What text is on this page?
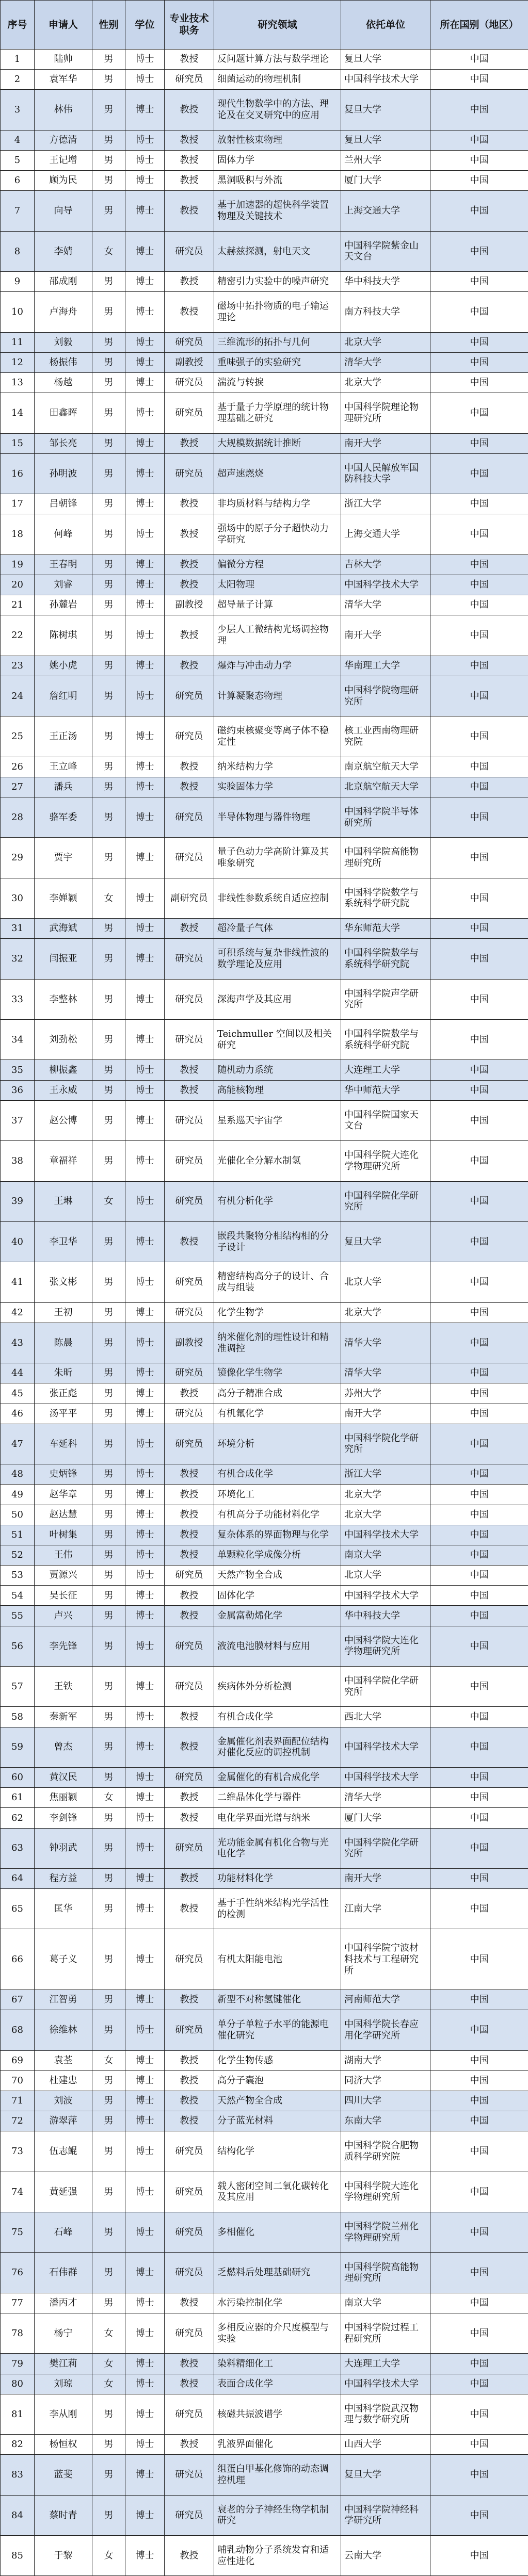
序号	申请人	性别	学位	专业技术职务	研究领域	依托单位	所在国别（地区）
1	陆帅	男	博士	教授	反问题计算方法与数学理论	复旦大学	中国
2	袁军华	男	博士	研究员	细菌运动的物理机制	中国科学技术大学	中国
3	林伟	男	博士	教授	现代生物数学中的方法、理论及在交叉研究中的应用	复旦大学	中国
4	方德清	男	博士	教授	放射性核束物理	复旦大学	中国
5	王记增	男	博士	教授	固体力学	兰州大学	中国
6	顾为民	男	博士	教授	黑洞吸积与外流	厦门大学	中国
7	向导	男	博士	教授	基于加速器的超快科学装置物理及关键技术	上海交通大学	中国
8	李婧	女	博士	研究员	太赫兹探测，射电天文	中国科学院紫金山天文台	中国
9	邵成刚	男	博士	教授	精密引力实验中的噪声研究	华中科技大学	中国
10	卢海舟	男	博士	教授	磁场中拓扑物质的电子输运理论	南方科技大学	中国
11	刘毅	男	博士	研究员	三维流形的拓扑与几何	北京大学	中国
12	杨振伟	男	博士	副教授	重味强子的实验研究	清华大学	中国
13	杨越	男	博士	研究员	湍流与转捩	北京大学	中国
14	田鑫晖	男	博士	研究员	基于量子力学原理的统计物理基础之研究	中国科学院理论物理研究所	中国
15	邹长亮	男	博士	教授	大规模数据统计推断	南开大学	中国
16	孙明波	男	博士	研究员	超声速燃烧	中国人民解放军国防科技大学	中国
17	吕朝锋	男	博士	教授	非均质材料与结构力学	浙江大学	中国
18	何峰	男	博士	教授	强场中的原子分子超快动力学研究	上海交通大学	中国
19	王春明	男	博士	教授	偏微分方程	吉林大学	中国
20	刘睿	男	博士	教授	太阳物理	中国科学技术大学	中国
21	孙麓岩	男	博士	副教授	超导量子计算	清华大学	中国
22	陈树琪	男	博士	教授	少层人工微结构光场调控物理	南开大学	中国
23	姚小虎	男	博士	教授	爆炸与冲击动力学	华南理工大学	中国
24	詹红明	男	博士	研究员	计算凝聚态物理	中国科学院物理研究所	中国
25	王正汤	男	博士	研究员	磁约束核聚变等离子体不稳定性	核工业西南物理研究院	中国
26	王立峰	男	博士	教授	纳米结构力学	南京航空航天大学	中国
27	潘兵	男	博士	教授	实验固体力学	北京航空航天大学	中国
28	骆军委	男	博士	研究员	半导体物理与器件物理	中国科学院半导体研究所	中国
29	贾宇	男	博士	研究员	量子色动力学高阶计算及其唯象研究	中国科学院高能物理研究所	中国
30	李婵颖	女	博士	副研究员	非线性参数系统自适应控制	中国科学院数学与系统科学研究院	中国
31	武海斌	男	博士	教授	超冷量子气体	华东师范大学	中国
32	闫振亚	男	博士	研究员	可积系统与复杂非线性波的数学理论及应用	中国科学院数学与系统科学研究院	中国
33	李整林	男	博士	研究员	深海声学及其应用	中国科学院声学研究所	中国
34	刘劲松	男	博士	研究员	Teichmuller 空间以及相关研究	中国科学院数学与系统科学研究院	中国
35	柳振鑫	男	博士	教授	随机动力系统	大连理工大学	中国
36	王永威	男	博士	教授	高能核物理	华中师范大学	中国
37	赵公博	男	博士	研究员	星系巡天宇宙学	中国科学院国家天文台	中国
38	章福祥	男	博士	研究员	光催化全分解水制氢	中国科学院大连化学物理研究所	中国
39	王琳	女	博士	研究员	有机分析化学	中国科学院化学研究所	中国
40	李卫华	男	博士	教授	嵌段共聚物分相结构相的分子设计	复旦大学	中国
41	张文彬	男	博士	研究员	精密结构高分子的设计、合成与组装	北京大学	中国
42	王初	男	博士	研究员	化学生物学	北京大学	中国
43	陈晨	男	博士	副教授	纳米催化剂的理性设计和精准调控	清华大学	中国
44	朱昕	男	博士	研究员	镜像化学生物学	清华大学	中国
45	张正彪	男	博士	教授	高分子精准合成	苏州大学	中国
46	汤平平	男	博士	研究员	有机氟化学	南开大学	中国
47	车延科	男	博士	研究员	环境分析	中国科学院化学研究所	中国
48	史炳锋	男	博士	教授	有机合成化学	浙江大学	中国
49	赵华章	男	博士	教授	环境化工	北京大学	中国
50	赵达慧	男	博士	教授	有机高分子功能材料化学	北京大学	中国
51	叶树集	男	博士	教授	复杂体系的界面物理与化学	中国科学技术大学	中国
52	王伟	男	博士	教授	单颗粒化学成像分析	南京大学	中国
53	贾源兴	男	博士	研究员	天然产物全合成	北京大学	中国
54	吴长征	男	博士	教授	固体化学	中国科学技术大学	中国
55	卢兴	男	博士	教授	金属富勒烯化学	华中科技大学	中国
56	李先锋	男	博士	研究员	液流电池膜材料与应用	中国科学院大连化学物理研究所	中国
57	王铁	男	博士	研究员	疾病体外分析检测	中国科学院化学研究所	中国
58	秦新军	男	博士	教授	有机合成化学	西北大学	中国
59	曾杰	男	博士	教授	金属催化剂表界面配位结构对催化反应的调控机制	中国科学技术大学	中国
60	黄汉民	男	博士	研究员	金属催化的有机合成化学	中国科学技术大学	中国
61	焦丽颖	女	博士	教授	二维晶体化学与器件	清华大学	中国
62	李剑锋	男	博士	教授	电化学界面光谱与纳米	厦门大学	中国
63	钟羽武	男	博士	研究员	光功能金属有机化合物与光电化学	中国科学院化学研究所	中国
64	程方益	男	博士	教授	功能材料化学	南开大学	中国
65	匡华	男	博士	教授	基于手性纳米结构光学活性的检测	江南大学	中国
66	葛子义	男	博士	研究员	有机太阳能电池	中国科学院宁波材料技术与工程研究所	中国
67	江智勇	男	博士	教授	新型不对称氢键催化	河南师范大学	中国
68	徐维林	男	博士	研究员	单分子单粒子水平的能源电催化研究	中国科学院长春应用化学研究所	中国
69	袁荃	女	博士	教授	化学生物传感	湖南大学	中国
70	杜建忠	男	博士	教授	高分子囊泡	同济大学	中国
71	刘波	男	博士	教授	天然产物全合成	四川大学	中国
72	游翠萍	男	博士	教授	分子蓝光材料	东南大学	中国
73	伍志鲲	男	博士	研究员	结构化学	中国科学院合肥物质科学研究院	中国
74	黄延强	男	博士	研究员	载人密闭空间二氧化碳转化及其应用	中国科学院大连化学物理研究所	中国
75	石峰	男	博士	研究员	多相催化	中国科学院兰州化学物理研究所	中国
76	石伟群	男	博士	研究员	乏燃料后处理基础研究	中国科学院高能物理研究所	中国
77	潘丙才	男	博士	教授	水污染控制化学	南京大学	中国
78	杨宁	女	博士	研究员	多相反应器的介尺度模型与实验	中国科学院过程工程研究所	中国
79	樊江莉	女	博士	教授	染料精细化工	大连理工大学	中国
80	刘琼	女	博士	教授	表面合成化学	中国科学技术大学	中国
81	李从刚	男	博士	研究员	核磁共振波谱学	中国科学院武汉物理与数学研究所	中国
82	杨恒权	男	博士	教授	乳液界面催化	山西大学	中国
83	蓝斐	男	博士	研究员	组蛋白甲基化修饰的动态调控机理	复旦大学	中国
84	蔡时青	男	博士	研究员	衰老的分子神经生物学机制研究	中国科学院神经科学研究所	中国
85	于黎	女	博士	教授	哺乳动物分子系统发育和适应性进化	云南大学	中国
